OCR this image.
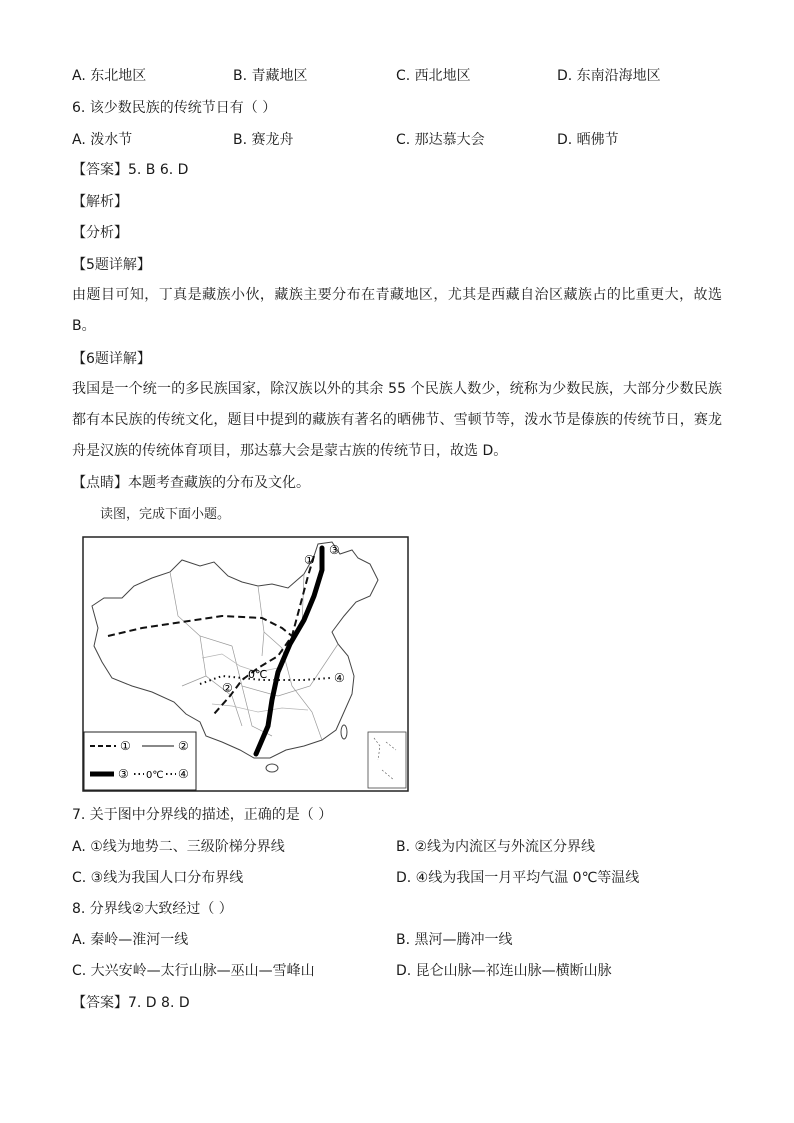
A. 东北地区	B. 青藏地区	C. 西北地区	D. 东南沿海地区
6. 该少数民族的传统节日有（ ）
A. 泼水节	B. 赛龙舟	C. 那达慕大会	D. 晒佛节
【答案】5. B 6. D
【解析】
【分析】
【5题详解】
由题目可知，丁真是藏族小伙，藏族主要分布在青藏地区，尤其是西藏自治区藏族占的比重更大，故选B。
【6题详解】
我国是一个统一的多民族国家，除汉族以外的其余 55 个民族人数少，统称为少数民族，大部分少数民族都有本民族的传统文化，题目中提到的藏族有著名的晒佛节、雪顿节等，泼水节是傣族的传统节日，赛龙舟是汉族的传统体育项目，那达慕大会是蒙古族的传统节日，故选 D。
【点睛】本题考查藏族的分布及文化。
读图，完成下面小题。
①
③
②
④
0℃
①	②
③ 0℃ ④
7. 关于图中分界线的描述，正确的是（ ）
A. ①线为地势二、三级阶梯分界线	B. ②线为内流区与外流区分界线
C. ③线为我国人口分布界线	D. ④线为我国一月平均气温 0℃等温线
8. 分界线②大致经过（ ）
A. 秦岭—淮河一线	B. 黑河—腾冲一线
C. 大兴安岭—太行山脉—巫山—雪峰山	D. 昆仑山脉—祁连山脉—横断山脉
【答案】7. D 8. D
